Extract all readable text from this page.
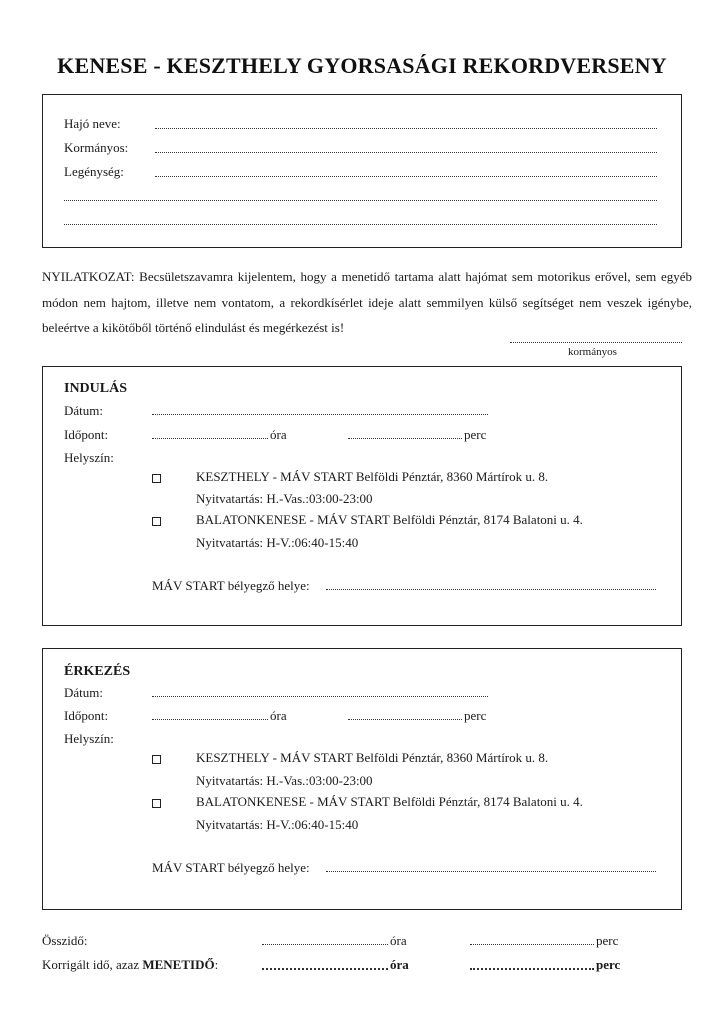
KENESE - KESZTHELY GYORSASÁGI REKORDVERSENY
Hajó neve:
Kormányos:
Legénység:
NYILATKOZAT: Becsületszavamra kijelentem, hogy a menetidő tartama alatt hajómat sem motorikus erővel, sem egyéb módon nem hajtom, illetve nem vontatom, a rekordkísérlet ideje alatt semmilyen külső segítséget nem veszek igénybe, beleértve a kikötőből történő elindulást és megérkezést is!
kormányos
INDULÁS
Dátum:
Időpont:	óra	perc
Helyszín:
KESZTHELY - MÁV START Belföldi Pénztár, 8360 Mártírok u. 8.
Nyitvatartás: H.-Vas.:03:00-23:00
BALATONKENESE - MÁV START Belföldi Pénztár, 8174 Balatoni u. 4.
Nyitvatartás: H-V.:06:40-15:40
MÁV START bélyegző helye:
ÉRKEZÉS
Dátum:
Időpont:	óra	perc
Helyszín:
KESZTHELY - MÁV START Belföldi Pénztár, 8360 Mártírok u. 8.
Nyitvatartás: H.-Vas.:03:00-23:00
BALATONKENESE - MÁV START Belföldi Pénztár, 8174 Balatoni u. 4.
Nyitvatartás: H-V.:06:40-15:40
MÁV START bélyegző helye:
Összidő:	óra	perc
Korrigált idő, azaz MENETIDŐ:	óra	perc
